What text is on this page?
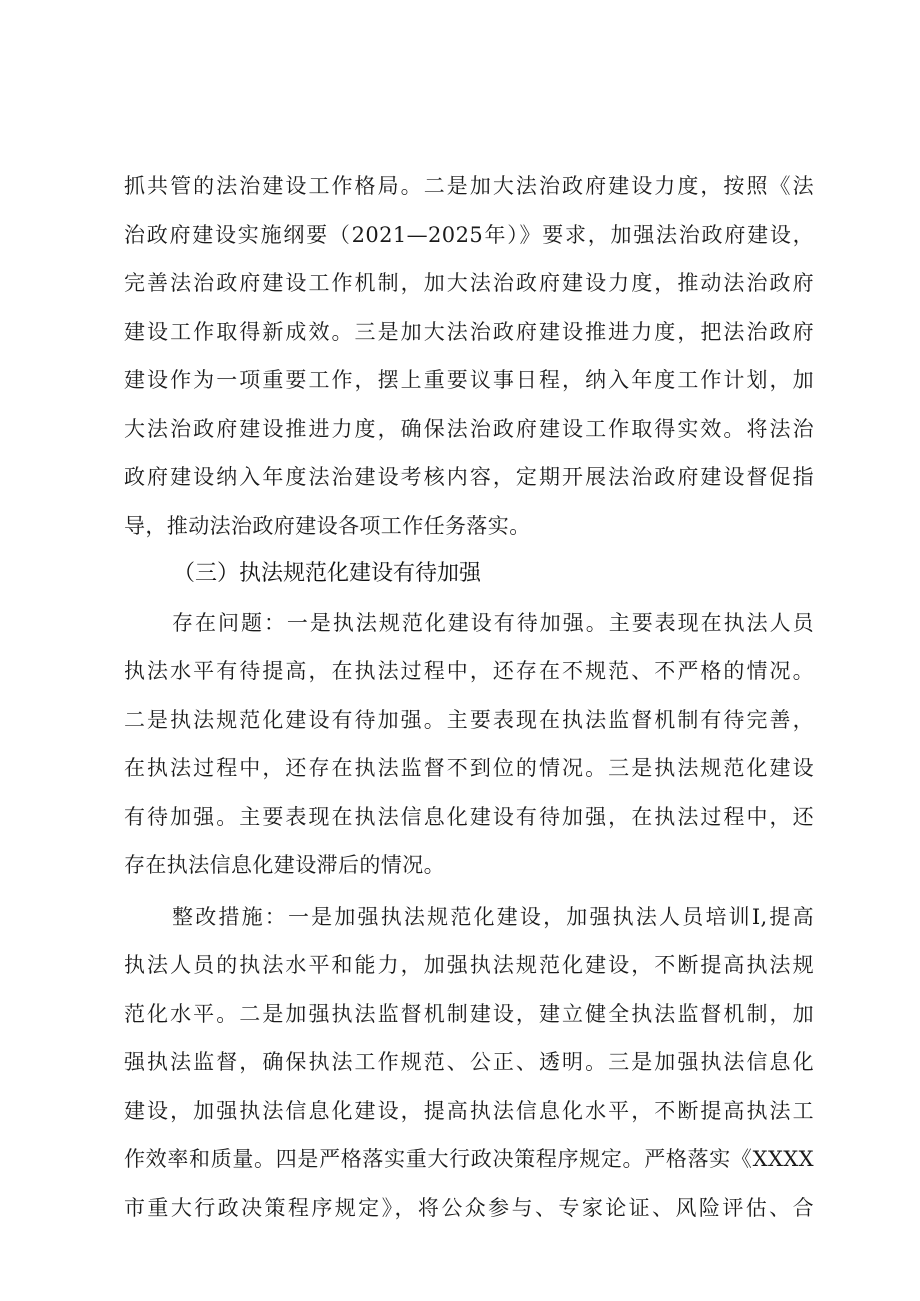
抓共管的法治建设工作格局。二是加大法治政府建设力度，按照《法
治政府建设实施纲要（2021—2025年）》要求，加强法治政府建设，
完善法治政府建设工作机制，加大法治政府建设力度，推动法治政府
建设工作取得新成效。三是加大法治政府建设推进力度，把法治政府
建设作为一项重要工作，摆上重要议事日程，纳入年度工作计划，加
大法治政府建设推进力度，确保法治政府建设工作取得实效。将法治
政府建设纳入年度法治建设考核内容，定期开展法治政府建设督促指
导，推动法治政府建设各项工作任务落实。
（三）执法规范化建设有待加强
存在问题：一是执法规范化建设有待加强。主要表现在执法人员
执法水平有待提高，在执法过程中，还存在不规范、不严格的情况。
二是执法规范化建设有待加强。主要表现在执法监督机制有待完善，
在执法过程中，还存在执法监督不到位的情况。三是执法规范化建设
有待加强。主要表现在执法信息化建设有待加强，在执法过程中，还
存在执法信息化建设滞后的情况。
整改措施：一是加强执法规范化建设，加强执法人员培训I,提高
执法人员的执法水平和能力，加强执法规范化建设，不断提高执法规
范化水平。二是加强执法监督机制建设，建立健全执法监督机制，加
强执法监督，确保执法工作规范、公正、透明。三是加强执法信息化
建设，加强执法信息化建设，提高执法信息化水平，不断提高执法工
作效率和质量。四是严格落实重大行政决策程序规定。严格落实《XXXX
市重大行政决策程序规定》，将公众参与、专家论证、风险评估、合
